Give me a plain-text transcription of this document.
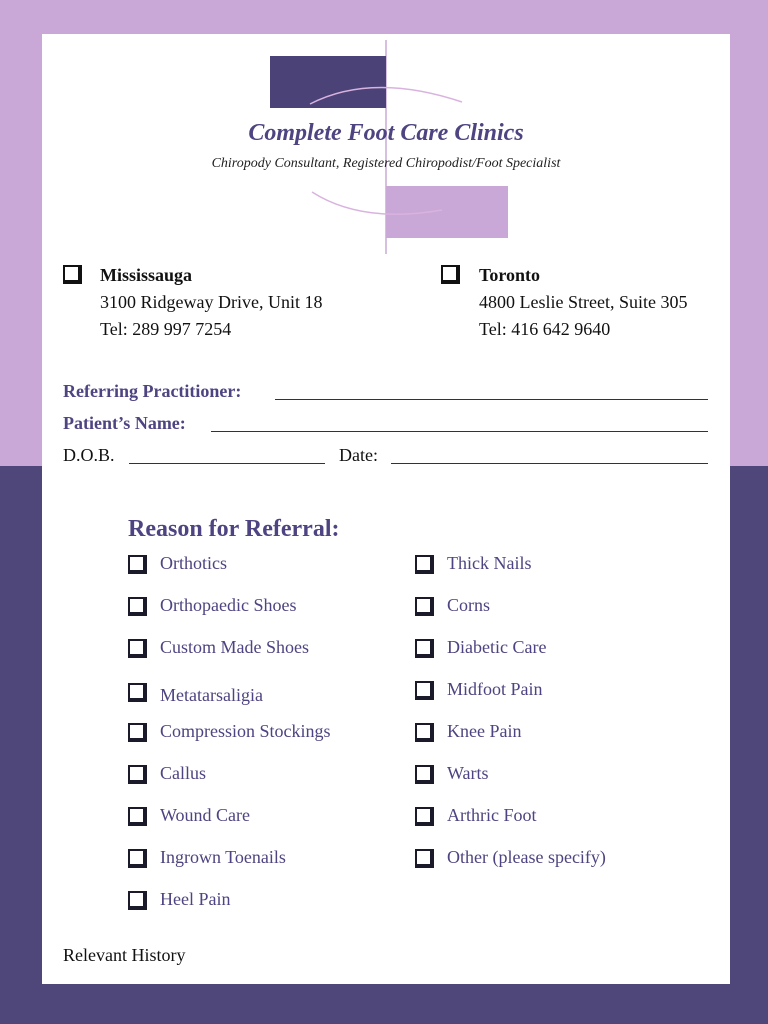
Complete Foot Care Clinics
Chiropody Consultant, Registered Chiropodist/Foot Specialist
Mississauga
3100 Ridgeway Drive, Unit 18
Tel: 289 997 7254
Toronto
4800 Leslie Street, Suite 305
Tel: 416 642 9640
Referring Practitioner:
Patient’s Name:
D.O.B.	Date:
Reason for Referral:
Orthotics
Orthopaedic Shoes
Custom Made Shoes
Metatarsaligia
Compression Stockings
Callus
Wound Care
Ingrown Toenails
Heel Pain
Thick Nails
Corns
Diabetic Care
Midfoot Pain
Knee Pain
Warts
Arthric Foot
Other (please specify)
Relevant History
